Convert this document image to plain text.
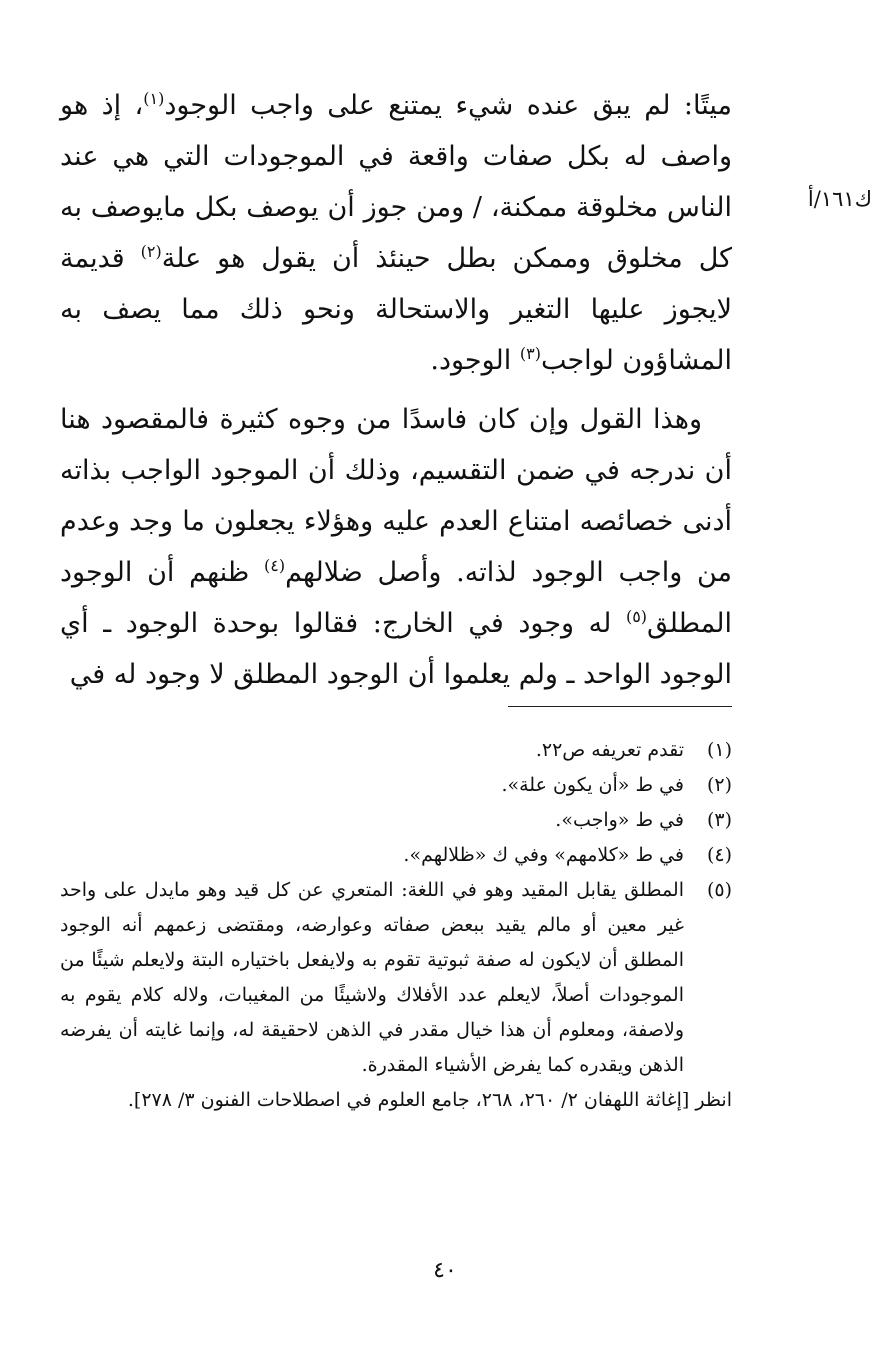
ك١٦١/أ

ميتًا: لم يبق عنده شيء يمتنع على واجب الوجود$^{(١)}$، إذ هو واصف له بكل صفات واقعة في الموجودات التي هي عند الناس مخلوقة ممكنة، / ومن جوز أن يوصف بكل مايوصف به كل مخلوق وممكن بطل حينئذ أن يقول هو علة$^{(٢)}$ قديمة لايجوز عليها التغير والاستحالة ونحو ذلك مما يصف به المشاؤون لواجب$^{(٣)}$ الوجود.

وهذا القول وإن كان فاسدًا من وجوه كثيرة فالمقصود هنا أن ندرجه في ضمن التقسيم، وذلك أن الموجود الواجب بذاته أدنى خصائصه امتناع العدم عليه وهؤلاء يجعلون ما وجد وعدم من واجب الوجود لذاته. وأصل ضلالهم$^{(٤)}$ ظنهم أن الوجود المطلق$^{(٥)}$ له وجود في الخارج: فقالوا بوحدة الوجود ـ أي الوجود الواحد ـ ولم يعلموا أن الوجود المطلق لا وجود له في

(١)
تقدم تعريفه ص٢٢.
(٢)
في ط «أن يكون علة».
(٣)
في ط «واجب».
(٤)
في ط «كلامهم» وفي ك «ظلالهم».
(٥)
المطلق يقابل المقيد وهو في اللغة: المتعري عن كل قيد وهو مايدل على واحد غير معين أو مالم يقيد ببعض صفاته وعوارضه، ومقتضى زعمهم أنه الوجود المطلق أن لايكون له صفة ثبوتية تقوم به ولايفعل باختياره البتة ولايعلم شيئًا من الموجودات أصلاً، لايعلم عدد الأفلاك ولاشيئًا من المغيبات، ولاله كلام يقوم به ولاصفة، ومعلوم أن هذا خيال مقدر في الذهن لاحقيقة له، وإنما غايته أن يفرضه الذهن ويقدره كما يفرض الأشياء المقدرة.
انظر [إغاثة اللهفان ٢/ ٢٦٠، ٢٦٨، جامع العلوم في اصطلاحات الفنون ٣/ ٢٧٨].
٤٠
